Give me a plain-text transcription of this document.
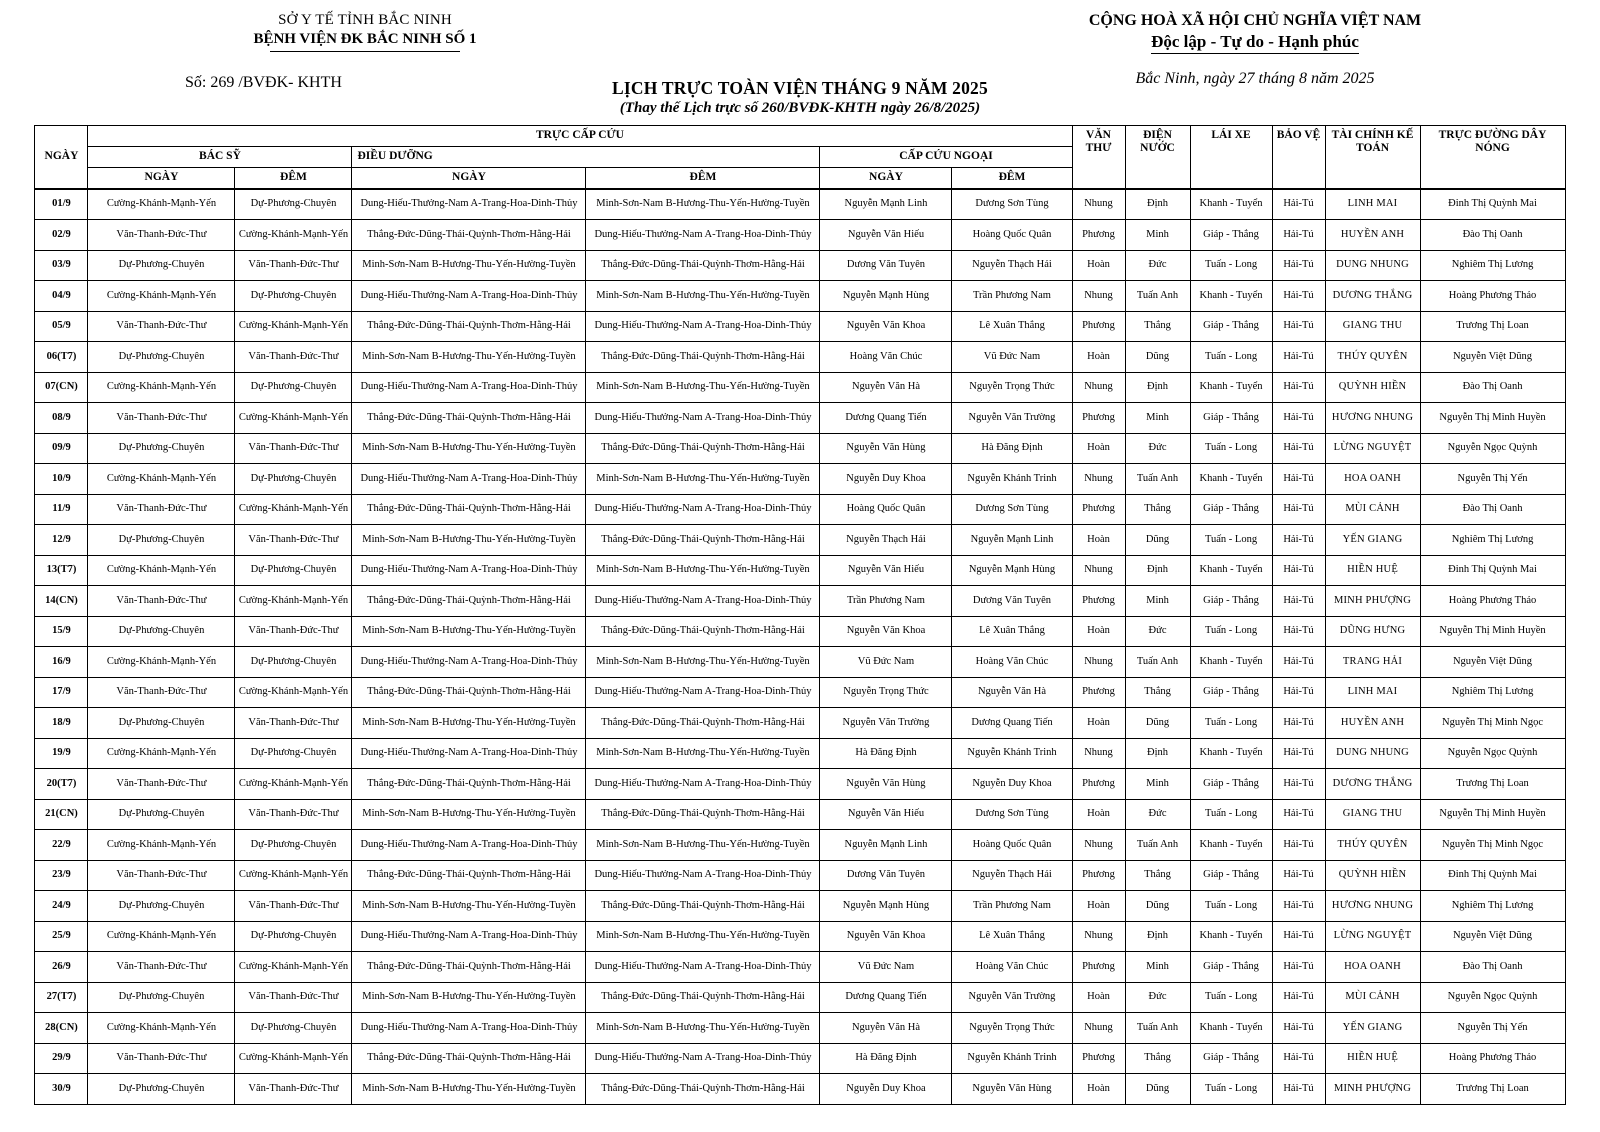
SỞ Y TẾ TỈNH BẮC NINH
BỆNH VIỆN ĐK BẮC NINH SỐ 1
Số: 269 /BVĐK- KHTH
CỘNG HOÀ XÃ HỘI CHỦ NGHĨA VIỆT NAM
Độc lập - Tự do - Hạnh phúc
Bắc Ninh, ngày 27 tháng 8 năm 2025
LỊCH TRỰC TOÀN VIỆN THÁNG 9 NĂM 2025
(Thay thế Lịch trực số 260/BVĐK-KHTH ngày 26/8/2025)
NGÀY	TRỰC CẤP CỨU						VĂN THƯ	ĐIỆN NƯỚC	LÁI XE	BẢO VỆ	TÀI CHÍNH KẾ TOÁN	TRỰC ĐƯỜNG DÂY NÓNG
	BÁC SỸ		ĐIỀU DƯỠNG		CẤP CỨU NGOẠI							
	NGÀY	ĐÊM	NGÀY	ĐÊM	NGÀY	ĐÊM						
01/9	Cường-Khánh-Mạnh-Yến	Dự-Phương-Chuyên	Dung-Hiếu-Thưởng-Nam A-Trang-Hoa-Dinh-Thủy	Minh-Sơn-Nam B-Hương-Thu-Yến-Hường-Tuyền	Nguyễn Mạnh Linh	Dương Sơn Tùng	Nhung	Định	Khanh - Tuyển	Hải-Tú	LINH MAI	Đinh Thị Quỳnh Mai
02/9	Văn-Thanh-Đức-Thư	Cường-Khánh-Mạnh-Yến	Thắng-Đức-Dũng-Thái-Quỳnh-Thơm-Hằng-Hải	Dung-Hiếu-Thưởng-Nam A-Trang-Hoa-Dinh-Thủy	Nguyễn Văn Hiếu	Hoàng Quốc Quân	Phương	Minh	Giáp - Thắng	Hải-Tú	HUYỀN ANH	Đào Thị Oanh
03/9	Dự-Phương-Chuyên	Văn-Thanh-Đức-Thư	Minh-Sơn-Nam B-Hương-Thu-Yến-Hường-Tuyền	Thắng-Đức-Dũng-Thái-Quỳnh-Thơm-Hằng-Hải	Dương Văn Tuyên	Nguyễn Thạch Hải	Hoàn	Đức	Tuấn - Long	Hải-Tú	DUNG NHUNG	Nghiêm Thị Lương
04/9	Cường-Khánh-Mạnh-Yến	Dự-Phương-Chuyên	Dung-Hiếu-Thưởng-Nam A-Trang-Hoa-Dinh-Thủy	Minh-Sơn-Nam B-Hương-Thu-Yến-Hường-Tuyền	Nguyễn Mạnh Hùng	Trần Phương Nam	Nhung	Tuấn Anh	Khanh - Tuyển	Hải-Tú	DƯƠNG THẮNG	Hoàng Phương Thảo
05/9	Văn-Thanh-Đức-Thư	Cường-Khánh-Mạnh-Yến	Thắng-Đức-Dũng-Thái-Quỳnh-Thơm-Hằng-Hải	Dung-Hiếu-Thưởng-Nam A-Trang-Hoa-Dinh-Thủy	Nguyễn Văn Khoa	Lê Xuân Thắng	Phương	Thắng	Giáp - Thắng	Hải-Tú	GIANG THU	Trương Thị Loan
06(T7)	Dự-Phương-Chuyên	Văn-Thanh-Đức-Thư	Minh-Sơn-Nam B-Hương-Thu-Yến-Hường-Tuyền	Thắng-Đức-Dũng-Thái-Quỳnh-Thơm-Hằng-Hải	Hoàng Văn Chúc	Vũ Đức Nam	Hoàn	Dũng	Tuấn - Long	Hải-Tú	THÚY QUYÊN	Nguyễn Việt Dũng
07(CN)	Cường-Khánh-Mạnh-Yến	Dự-Phương-Chuyên	Dung-Hiếu-Thưởng-Nam A-Trang-Hoa-Dinh-Thủy	Minh-Sơn-Nam B-Hương-Thu-Yến-Hường-Tuyền	Nguyễn Văn Hà	Nguyễn Trọng Thức	Nhung	Định	Khanh - Tuyển	Hải-Tú	QUỲNH HIỀN	Đào Thị Oanh
08/9	Văn-Thanh-Đức-Thư	Cường-Khánh-Mạnh-Yến	Thắng-Đức-Dũng-Thái-Quỳnh-Thơm-Hằng-Hải	Dung-Hiếu-Thưởng-Nam A-Trang-Hoa-Dinh-Thủy	Dương Quang Tiến	Nguyễn Văn Trường	Phương	Minh	Giáp - Thắng	Hải-Tú	HƯƠNG NHUNG	Nguyễn Thị Minh Huyền
09/9	Dự-Phương-Chuyên	Văn-Thanh-Đức-Thư	Minh-Sơn-Nam B-Hương-Thu-Yến-Hường-Tuyền	Thắng-Đức-Dũng-Thái-Quỳnh-Thơm-Hằng-Hải	Nguyễn Văn Hùng	Hà Đăng Định	Hoàn	Đức	Tuấn - Long	Hải-Tú	LỪNG NGUYỆT	Nguyễn Ngọc Quỳnh
10/9	Cường-Khánh-Mạnh-Yến	Dự-Phương-Chuyên	Dung-Hiếu-Thưởng-Nam A-Trang-Hoa-Dinh-Thủy	Minh-Sơn-Nam B-Hương-Thu-Yến-Hường-Tuyền	Nguyễn Duy Khoa	Nguyễn Khánh Trinh	Nhung	Tuấn Anh	Khanh - Tuyển	Hải-Tú	HOA OANH	Nguyễn Thị Yến
11/9	Văn-Thanh-Đức-Thư	Cường-Khánh-Mạnh-Yến	Thắng-Đức-Dũng-Thái-Quỳnh-Thơm-Hằng-Hải	Dung-Hiếu-Thưởng-Nam A-Trang-Hoa-Dinh-Thủy	Hoàng Quốc Quân	Dương Sơn Tùng	Phương	Thắng	Giáp - Thắng	Hải-Tú	MÙI CẢNH	Đào Thị Oanh
12/9	Dự-Phương-Chuyên	Văn-Thanh-Đức-Thư	Minh-Sơn-Nam B-Hương-Thu-Yến-Hường-Tuyền	Thắng-Đức-Dũng-Thái-Quỳnh-Thơm-Hằng-Hải	Nguyễn Thạch Hải	Nguyễn Mạnh Linh	Hoàn	Dũng	Tuấn - Long	Hải-Tú	YẾN GIANG	Nghiêm Thị Lương
13(T7)	Cường-Khánh-Mạnh-Yến	Dự-Phương-Chuyên	Dung-Hiếu-Thưởng-Nam A-Trang-Hoa-Dinh-Thủy	Minh-Sơn-Nam B-Hương-Thu-Yến-Hường-Tuyền	Nguyễn Văn Hiếu	Nguyễn Mạnh Hùng	Nhung	Định	Khanh - Tuyển	Hải-Tú	HIỀN HUỆ	Đinh Thị Quỳnh Mai
14(CN)	Văn-Thanh-Đức-Thư	Cường-Khánh-Mạnh-Yến	Thắng-Đức-Dũng-Thái-Quỳnh-Thơm-Hằng-Hải	Dung-Hiếu-Thưởng-Nam A-Trang-Hoa-Dinh-Thủy	Trần Phương Nam	Dương Văn Tuyên	Phương	Minh	Giáp - Thắng	Hải-Tú	MINH PHƯỢNG	Hoàng Phương Thảo
15/9	Dự-Phương-Chuyên	Văn-Thanh-Đức-Thư	Minh-Sơn-Nam B-Hương-Thu-Yến-Hường-Tuyền	Thắng-Đức-Dũng-Thái-Quỳnh-Thơm-Hằng-Hải	Nguyễn Văn Khoa	Lê Xuân Thắng	Hoàn	Đức	Tuấn - Long	Hải-Tú	DŨNG HƯNG	Nguyễn Thị Minh Huyền
16/9	Cường-Khánh-Mạnh-Yến	Dự-Phương-Chuyên	Dung-Hiếu-Thưởng-Nam A-Trang-Hoa-Dinh-Thủy	Minh-Sơn-Nam B-Hương-Thu-Yến-Hường-Tuyền	Vũ Đức Nam	Hoàng Văn Chúc	Nhung	Tuấn Anh	Khanh - Tuyển	Hải-Tú	TRANG HẢI	Nguyễn Việt Dũng
17/9	Văn-Thanh-Đức-Thư	Cường-Khánh-Mạnh-Yến	Thắng-Đức-Dũng-Thái-Quỳnh-Thơm-Hằng-Hải	Dung-Hiếu-Thưởng-Nam A-Trang-Hoa-Dinh-Thủy	Nguyễn Trọng Thức	Nguyễn Văn Hà	Phương	Thắng	Giáp - Thắng	Hải-Tú	LINH MAI	Nghiêm Thị Lương
18/9	Dự-Phương-Chuyên	Văn-Thanh-Đức-Thư	Minh-Sơn-Nam B-Hương-Thu-Yến-Hường-Tuyền	Thắng-Đức-Dũng-Thái-Quỳnh-Thơm-Hằng-Hải	Nguyễn Văn Trường	Dương Quang Tiến	Hoàn	Dũng	Tuấn - Long	Hải-Tú	HUYỀN ANH	Nguyễn Thị Minh Ngọc
19/9	Cường-Khánh-Mạnh-Yến	Dự-Phương-Chuyên	Dung-Hiếu-Thưởng-Nam A-Trang-Hoa-Dinh-Thủy	Minh-Sơn-Nam B-Hương-Thu-Yến-Hường-Tuyền	Hà Đăng Định	Nguyễn Khánh Trinh	Nhung	Định	Khanh - Tuyển	Hải-Tú	DUNG NHUNG	Nguyễn Ngọc Quỳnh
20(T7)	Văn-Thanh-Đức-Thư	Cường-Khánh-Mạnh-Yến	Thắng-Đức-Dũng-Thái-Quỳnh-Thơm-Hằng-Hải	Dung-Hiếu-Thưởng-Nam A-Trang-Hoa-Dinh-Thủy	Nguyễn Văn Hùng	Nguyễn Duy Khoa	Phương	Minh	Giáp - Thắng	Hải-Tú	DƯƠNG THẮNG	Trương Thị Loan
21(CN)	Dự-Phương-Chuyên	Văn-Thanh-Đức-Thư	Minh-Sơn-Nam B-Hương-Thu-Yến-Hường-Tuyền	Thắng-Đức-Dũng-Thái-Quỳnh-Thơm-Hằng-Hải	Nguyễn Văn Hiếu	Dương Sơn Tùng	Hoàn	Đức	Tuấn - Long	Hải-Tú	GIANG THU	Nguyễn Thị Minh Huyền
22/9	Cường-Khánh-Mạnh-Yến	Dự-Phương-Chuyên	Dung-Hiếu-Thưởng-Nam A-Trang-Hoa-Dinh-Thủy	Minh-Sơn-Nam B-Hương-Thu-Yến-Hường-Tuyền	Nguyễn Mạnh Linh	Hoàng Quốc Quân	Nhung	Tuấn Anh	Khanh - Tuyển	Hải-Tú	THÚY QUYÊN	Nguyễn Thị Minh Ngọc
23/9	Văn-Thanh-Đức-Thư	Cường-Khánh-Mạnh-Yến	Thắng-Đức-Dũng-Thái-Quỳnh-Thơm-Hằng-Hải	Dung-Hiếu-Thưởng-Nam A-Trang-Hoa-Dinh-Thủy	Dương Văn Tuyên	Nguyễn Thạch Hải	Phương	Thắng	Giáp - Thắng	Hải-Tú	QUỲNH HIỀN	Đinh Thị Quỳnh Mai
24/9	Dự-Phương-Chuyên	Văn-Thanh-Đức-Thư	Minh-Sơn-Nam B-Hương-Thu-Yến-Hường-Tuyền	Thắng-Đức-Dũng-Thái-Quỳnh-Thơm-Hằng-Hải	Nguyễn Mạnh Hùng	Trần Phương Nam	Hoàn	Dũng	Tuấn - Long	Hải-Tú	HƯƠNG NHUNG	Nghiêm Thị Lương
25/9	Cường-Khánh-Mạnh-Yến	Dự-Phương-Chuyên	Dung-Hiếu-Thưởng-Nam A-Trang-Hoa-Dinh-Thủy	Minh-Sơn-Nam B-Hương-Thu-Yến-Hường-Tuyền	Nguyễn Văn Khoa	Lê Xuân Thắng	Nhung	Định	Khanh - Tuyển	Hải-Tú	LỪNG NGUYỆT	Nguyễn Việt Dũng
26/9	Văn-Thanh-Đức-Thư	Cường-Khánh-Mạnh-Yến	Thắng-Đức-Dũng-Thái-Quỳnh-Thơm-Hằng-Hải	Dung-Hiếu-Thưởng-Nam A-Trang-Hoa-Dinh-Thủy	Vũ Đức Nam	Hoàng Văn Chúc	Phương	Minh	Giáp - Thắng	Hải-Tú	HOA OANH	Đào Thị Oanh
27(T7)	Dự-Phương-Chuyên	Văn-Thanh-Đức-Thư	Minh-Sơn-Nam B-Hương-Thu-Yến-Hường-Tuyền	Thắng-Đức-Dũng-Thái-Quỳnh-Thơm-Hằng-Hải	Dương Quang Tiến	Nguyễn Văn Trường	Hoàn	Đức	Tuấn - Long	Hải-Tú	MÙI CẢNH	Nguyễn Ngọc Quỳnh
28(CN)	Cường-Khánh-Mạnh-Yến	Dự-Phương-Chuyên	Dung-Hiếu-Thưởng-Nam A-Trang-Hoa-Dinh-Thủy	Minh-Sơn-Nam B-Hương-Thu-Yến-Hường-Tuyền	Nguyễn Văn Hà	Nguyễn Trọng Thức	Nhung	Tuấn Anh	Khanh - Tuyển	Hải-Tú	YẾN GIANG	Nguyễn Thị Yến
29/9	Văn-Thanh-Đức-Thư	Cường-Khánh-Mạnh-Yến	Thắng-Đức-Dũng-Thái-Quỳnh-Thơm-Hằng-Hải	Dung-Hiếu-Thưởng-Nam A-Trang-Hoa-Dinh-Thủy	Hà Đăng Định	Nguyễn Khánh Trinh	Phương	Thắng	Giáp - Thắng	Hải-Tú	HIỀN HUỆ	Hoàng Phương Thảo
30/9	Dự-Phương-Chuyên	Văn-Thanh-Đức-Thư	Minh-Sơn-Nam B-Hương-Thu-Yến-Hường-Tuyền	Thắng-Đức-Dũng-Thái-Quỳnh-Thơm-Hằng-Hải	Nguyễn Duy Khoa	Nguyễn Văn Hùng	Hoàn	Dũng	Tuấn - Long	Hải-Tú	MINH PHƯỢNG	Trương Thị Loan
